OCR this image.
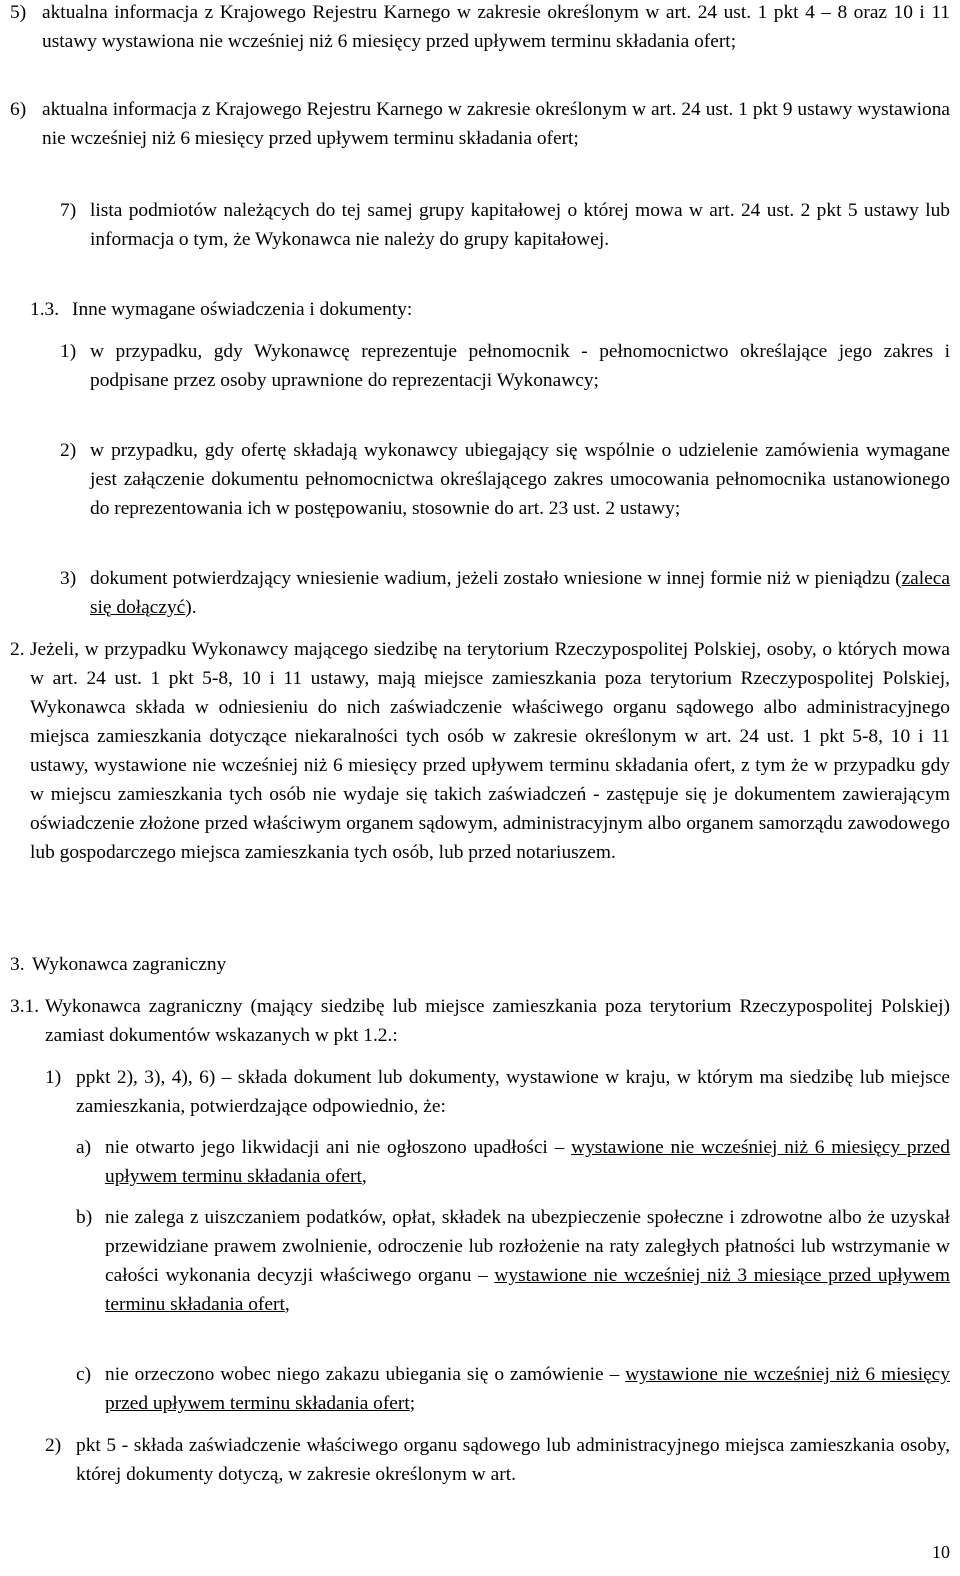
5) aktualna informacja z Krajowego Rejestru Karnego w zakresie określonym w art. 24 ust. 1 pkt 4 – 8 oraz 10 i 11 ustawy wystawiona nie wcześniej niż 6 miesięcy przed upływem terminu składania ofert;
6) aktualna informacja z Krajowego Rejestru Karnego w zakresie określonym w art. 24 ust. 1 pkt 9 ustawy wystawiona nie wcześniej niż 6 miesięcy przed upływem terminu składania ofert;
7) lista podmiotów należących do tej samej grupy kapitałowej o której mowa w art. 24 ust. 2 pkt 5 ustawy lub informacja o tym, że Wykonawca nie należy do grupy kapitałowej.
1.3. Inne wymagane oświadczenia i dokumenty:
1) w przypadku, gdy Wykonawcę reprezentuje pełnomocnik - pełnomocnictwo określające jego zakres i podpisane przez osoby uprawnione do reprezentacji Wykonawcy;
2) w przypadku, gdy ofertę składają wykonawcy ubiegający się wspólnie o udzielenie zamówienia wymagane jest załączenie dokumentu pełnomocnictwa określającego zakres umocowania pełnomocnika ustanowionego do reprezentowania ich w postępowaniu, stosownie do art. 23 ust. 2 ustawy;
3) dokument potwierdzający wniesienie wadium, jeżeli zostało wniesione w innej formie niż w pieniądzu (zaleca się dołączyć).
2. Jeżeli, w przypadku Wykonawcy mającego siedzibę na terytorium Rzeczypospolitej Polskiej, osoby, o których mowa w art. 24 ust. 1 pkt 5-8, 10 i 11 ustawy, mają miejsce zamieszkania poza terytorium Rzeczypospolitej Polskiej, Wykonawca składa w odniesieniu do nich zaświadczenie właściwego organu sądowego albo administracyjnego miejsca zamieszkania dotyczące niekaralności tych osób w zakresie określonym w art. 24 ust. 1 pkt 5-8, 10 i 11 ustawy, wystawione nie wcześniej niż 6 miesięcy przed upływem terminu składania ofert, z tym że w przypadku gdy w miejscu zamieszkania tych osób nie wydaje się takich zaświadczeń - zastępuje się je dokumentem zawierającym oświadczenie złożone przed właściwym organem sądowym, administracyjnym albo organem samorządu zawodowego lub gospodarczego miejsca zamieszkania tych osób, lub przed notariuszem.
3. Wykonawca zagraniczny
3.1. Wykonawca zagraniczny (mający siedzibę lub miejsce zamieszkania poza terytorium Rzeczypospolitej Polskiej) zamiast dokumentów wskazanych w pkt 1.2.:
1) ppkt 2), 3), 4), 6) – składa dokument lub dokumenty, wystawione w kraju, w którym ma siedzibę lub miejsce zamieszkania, potwierdzające odpowiednio, że:
a) nie otwarto jego likwidacji ani nie ogłoszono upadłości – wystawione nie wcześniej niż 6 miesięcy przed upływem terminu składania ofert,
b) nie zalega z uiszczaniem podatków, opłat, składek na ubezpieczenie społeczne i zdrowotne albo że uzyskał przewidziane prawem zwolnienie, odroczenie lub rozłożenie na raty zaległych płatności lub wstrzymanie w całości wykonania decyzji właściwego organu – wystawione nie wcześniej niż 3 miesiące przed upływem terminu składania ofert,
c) nie orzeczono wobec niego zakazu ubiegania się o zamówienie – wystawione nie wcześniej niż 6 miesięcy przed upływem terminu składania ofert;
2) pkt 5 - składa zaświadczenie właściwego organu sądowego lub administracyjnego miejsca zamieszkania osoby, której dokumenty dotyczą, w zakresie określonym w art.
10
